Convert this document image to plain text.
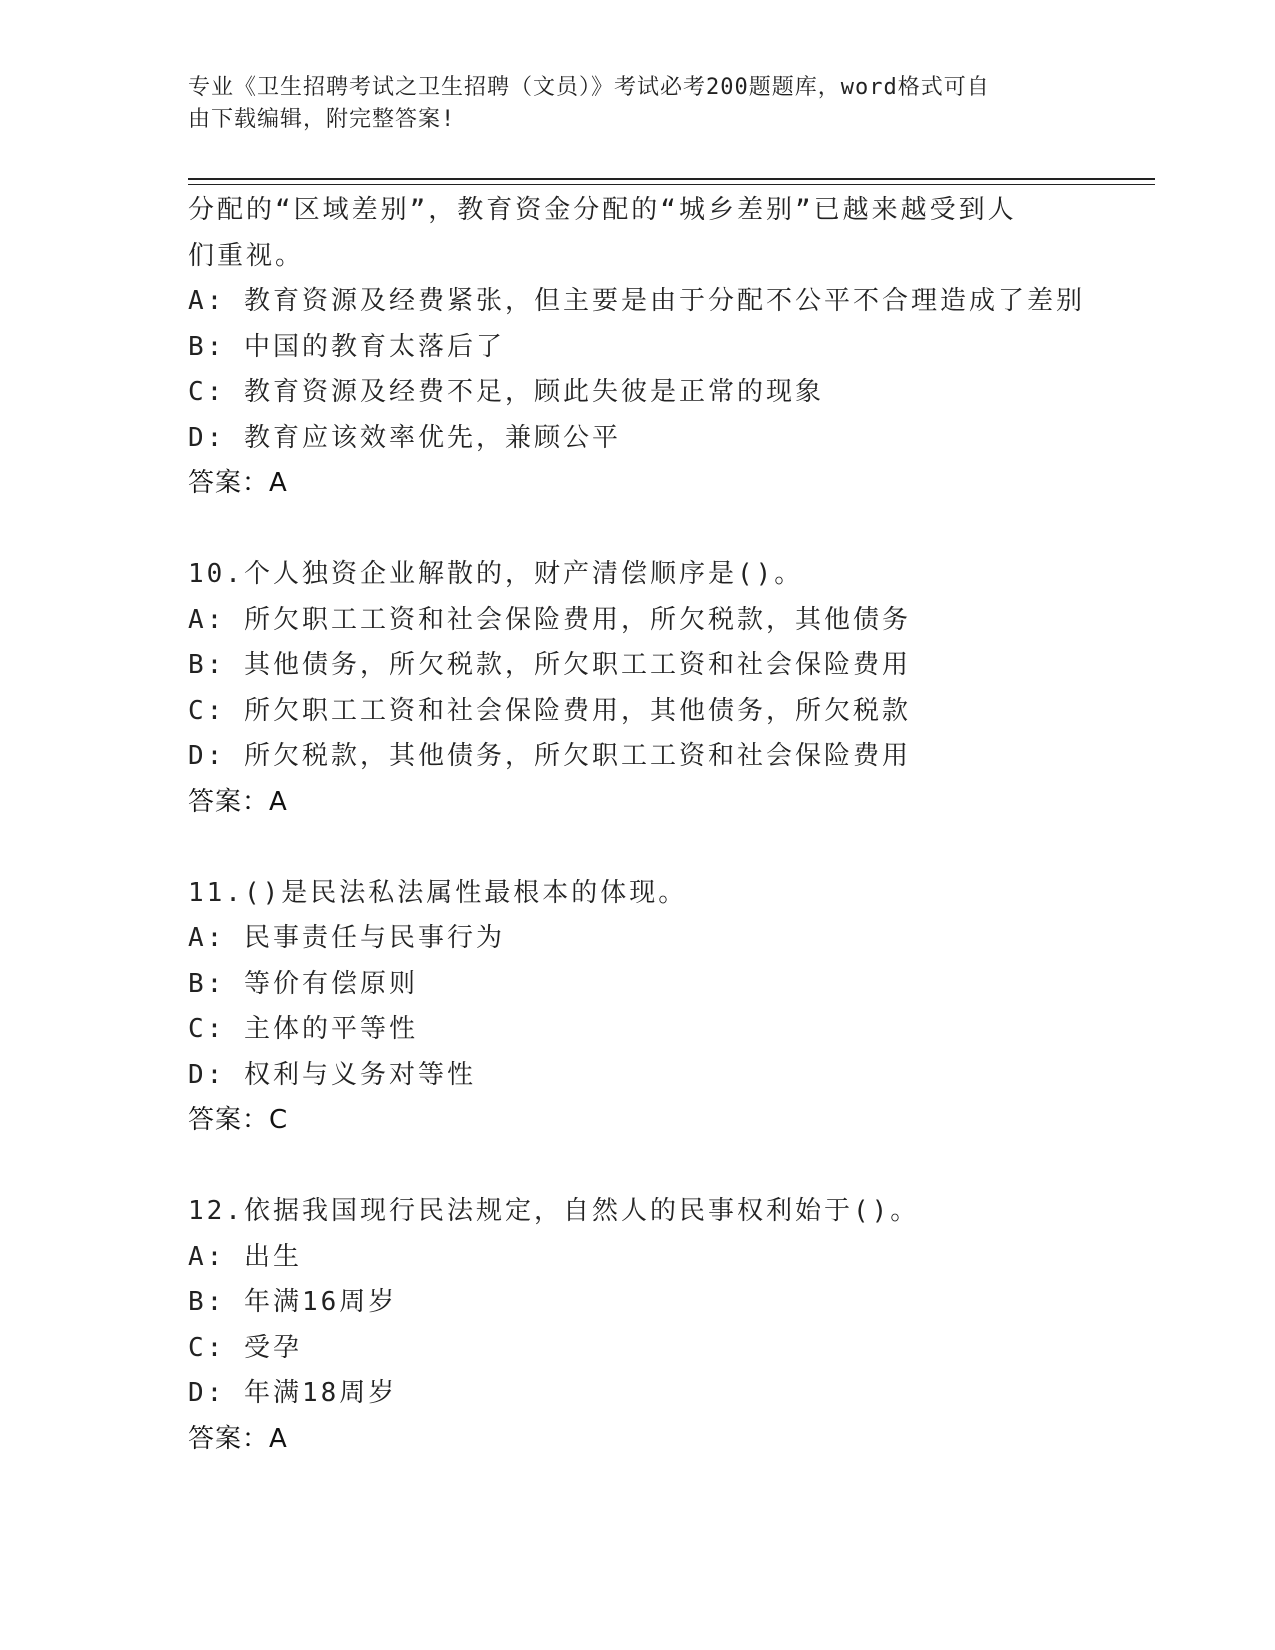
专业《卫生招聘考试之卫生招聘（文员）》考试必考200题题库，word格式可自
由下载编辑，附完整答案!
分配的“区域差别”，教育资金分配的“城乡差别”已越来越受到人
们重视。
A: 教育资源及经费紧张，但主要是由于分配不公平不合理造成了差别
B: 中国的教育太落后了
C: 教育资源及经费不足，顾此失彼是正常的现象
D: 教育应该效率优先，兼顾公平
答案：A
10.个人独资企业解散的，财产清偿顺序是()。
A: 所欠职工工资和社会保险费用，所欠税款，其他债务
B: 其他债务，所欠税款，所欠职工工资和社会保险费用
C: 所欠职工工资和社会保险费用，其他债务，所欠税款
D: 所欠税款，其他债务，所欠职工工资和社会保险费用
答案：A
11.()是民法私法属性最根本的体现。
A: 民事责任与民事行为
B: 等价有偿原则
C: 主体的平等性
D: 权利与义务对等性
答案：C
12.依据我国现行民法规定，自然人的民事权利始于()。
A: 出生
B: 年满16周岁
C: 受孕
D: 年满18周岁
答案：A
